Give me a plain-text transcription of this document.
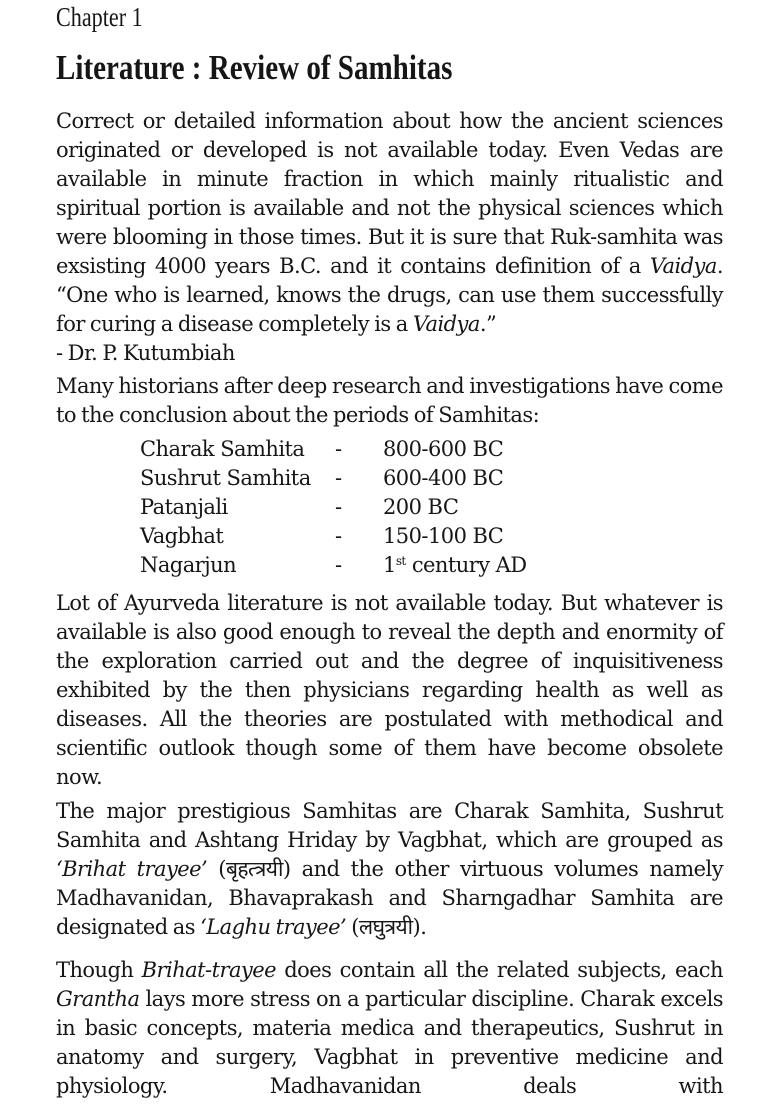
Chapter 1
Literature : Review of Samhitas
Correct or detailed information about how the ancient sciences originated or developed is not available today. Even Vedas are available in minute fraction in which mainly ritualistic and spiritual portion is available and not the physical sciences which were blooming in those times. But it is sure that Ruk-samhita was exsisting 4000 years B.C. and it contains definition of a Vaidya. “One who is learned, knows the drugs, can use them successfully for curing a disease completely is a Vaidya.”
- Dr. P. Kutumbiah
Many historians after deep research and investigations have come to the conclusion about the periods of Samhitas:
Charak Samhita	-	800-600 BC
Sushrut Samhita	-	600-400 BC
Patanjali	-	200 BC
Vagbhat	-	150-100 BC
Nagarjun	-	1st century AD
Lot of Ayurveda literature is not available today. But whatever is available is also good enough to reveal the depth and enormity of the exploration carried out and the degree of inquisitiveness exhibited by the then physicians regarding health as well as diseases. All the theories are postulated with methodical and scientific outlook though some of them have become obsolete now.
The major prestigious Samhitas are Charak Samhita, Sushrut Samhita and Ashtang Hriday by Vagbhat, which are grouped as ‘Brihat trayee’ (बृहत्त्रयी) and the other virtuous volumes namely Madhavanidan, Bhavaprakash and Sharngadhar Samhita are designated as ‘Laghu trayee’ (लघुत्रयी).
Though Brihat-trayee does contain all the related subjects, each Grantha lays more stress on a particular discipline. Charak excels in basic concepts, materia medica and therapeutics, Sushrut in anatomy and surgery, Vagbhat in preventive medicine and physiology. Madhavanidan deals with
